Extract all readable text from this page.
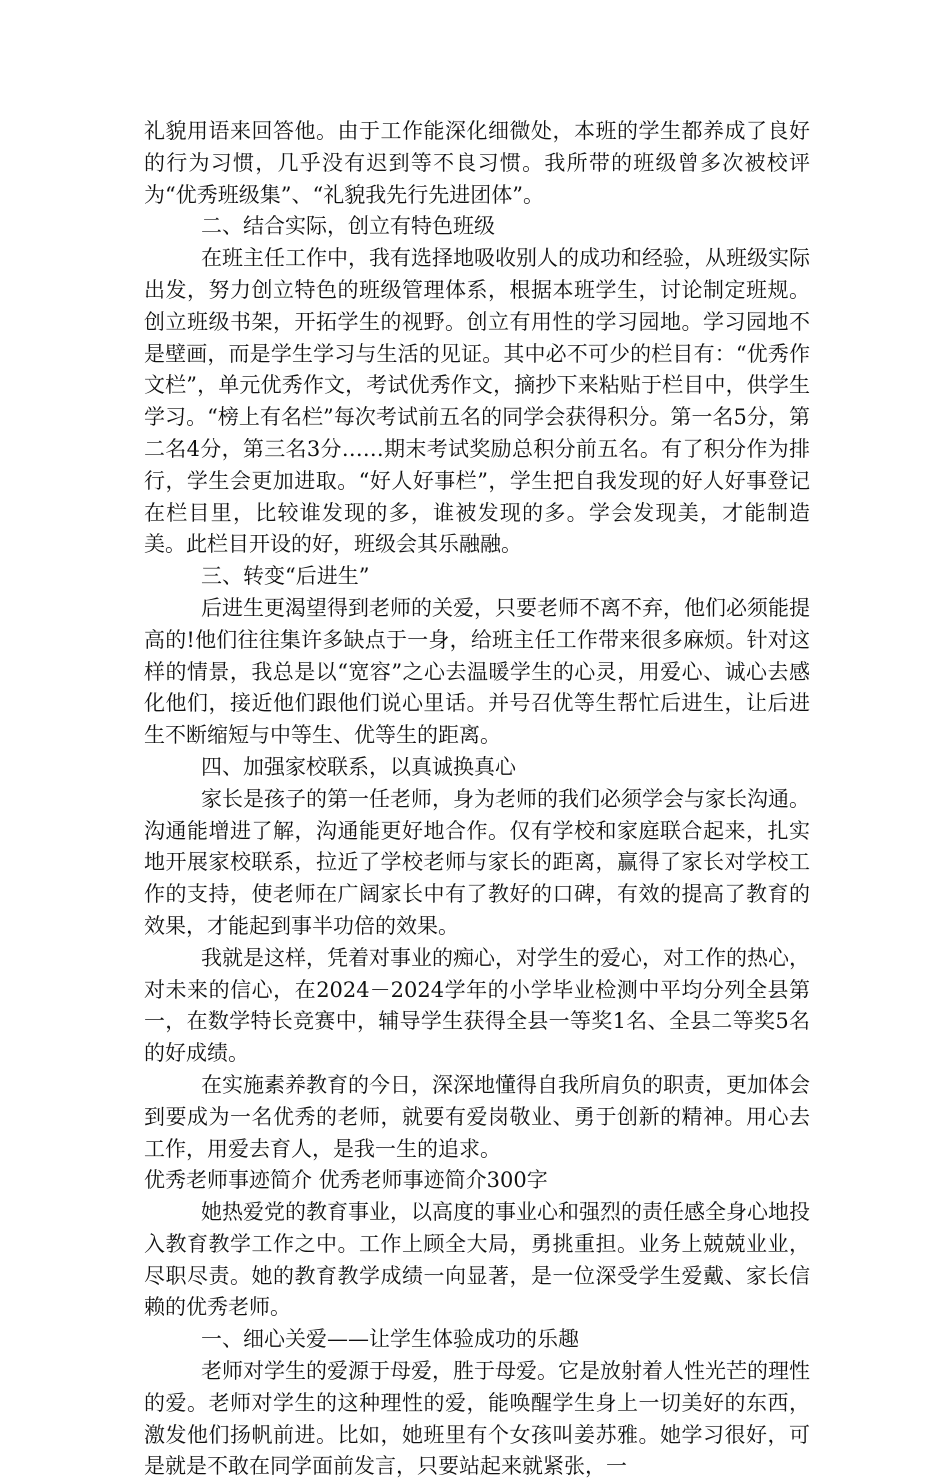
礼貌用语来回答他。由于工作能深化细微处，本班的学生都养成了良好的行为习惯，几乎没有迟到等不良习惯。我所带的班级曾多次被校评为“优秀班级集”、“礼貌我先行先进团体”。

二、结合实际，创立有特色班级

在班主任工作中，我有选择地吸收别人的成功和经验，从班级实际出发，努力创立特色的班级管理体系，根据本班学生，讨论制定班规。创立班级书架，开拓学生的视野。创立有用性的学习园地。学习园地不是壁画，而是学生学习与生活的见证。其中必不可少的栏目有：“优秀作文栏”，单元优秀作文，考试优秀作文，摘抄下来粘贴于栏目中，供学生学习。“榜上有名栏”每次考试前五名的同学会获得积分。第一名5分，第二名4分，第三名3分……期末考试奖励总积分前五名。有了积分作为排行，学生会更加进取。“好人好事栏”，学生把自我发现的好人好事登记在栏目里，比较谁发现的多，谁被发现的多。学会发现美，才能制造美。此栏目开设的好，班级会其乐融融。

三、转变“后进生”

后进生更渴望得到老师的关爱，只要老师不离不弃，他们必须能提高的!他们往往集许多缺点于一身，给班主任工作带来很多麻烦。针对这样的情景，我总是以“宽容”之心去温暖学生的心灵，用爱心、诚心去感化他们，接近他们跟他们说心里话。并号召优等生帮忙后进生，让后进生不断缩短与中等生、优等生的距离。

四、加强家校联系，以真诚换真心

家长是孩子的第一任老师，身为老师的我们必须学会与家长沟通。沟通能增进了解，沟通能更好地合作。仅有学校和家庭联合起来，扎实地开展家校联系，拉近了学校老师与家长的距离，赢得了家长对学校工作的支持，使老师在广阔家长中有了教好的口碑，有效的提高了教育的效果，才能起到事半功倍的效果。

我就是这样，凭着对事业的痴心，对学生的爱心，对工作的热心，对未来的信心，在2024－2024学年的小学毕业检测中平均分列全县第一，在数学特长竞赛中，辅导学生获得全县一等奖1名、全县二等奖5名的好成绩。

在实施素养教育的今日，深深地懂得自我所肩负的职责，更加体会到要成为一名优秀的老师，就要有爱岗敬业、勇于创新的精神。用心去工作，用爱去育人，是我一生的追求。

优秀老师事迹简介 优秀老师事迹简介300字

她热爱党的教育事业，以高度的事业心和强烈的责任感全身心地投入教育教学工作之中。工作上顾全大局，勇挑重担。业务上兢兢业业，尽职尽责。她的教育教学成绩一向显著，是一位深受学生爱戴、家长信赖的优秀老师。

一、细心关爱——让学生体验成功的乐趣

老师对学生的爱源于母爱，胜于母爱。它是放射着人性光芒的理性的爱。老师对学生的这种理性的爱，能唤醒学生身上一切美好的东西，激发他们扬帆前进。比如，她班里有个女孩叫姜苏雅。她学习很好，可是就是不敢在同学面前发言，只要站起来就紧张，一
